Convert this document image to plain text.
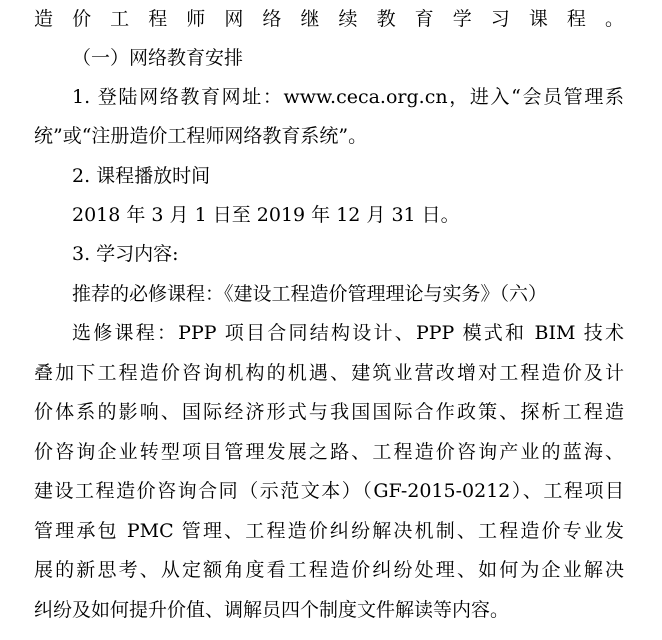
造价工程师网络继续教育学习课程。
（一）网络教育安排
1. 登陆网络教育网址：www.ceca.org.cn，进入“会员管理系
统”或“注册造价工程师网络教育系统”。
2. 课程播放时间
2018 年 3 月 1 日至 2019 年 12 月 31 日。
3. 学习内容:
推荐的必修课程：《建设工程造价管理理论与实务》（六）
选修课程：PPP 项目合同结构设计、PPP 模式和 BIM 技术
叠加下工程造价咨询机构的机遇、建筑业营改增对工程造价及计
价体系的影响、国际经济形式与我国国际合作政策、探析工程造
价咨询企业转型项目管理发展之路、工程造价咨询产业的蓝海、
建设工程造价咨询合同（示范文本）（GF-2015-0212）、工程项目
管理承包 PMC 管理、工程造价纠纷解决机制、工程造价专业发
展的新思考、从定额角度看工程造价纠纷处理、如何为企业解决
纠纷及如何提升价值、调解员四个制度文件解读等内容。
